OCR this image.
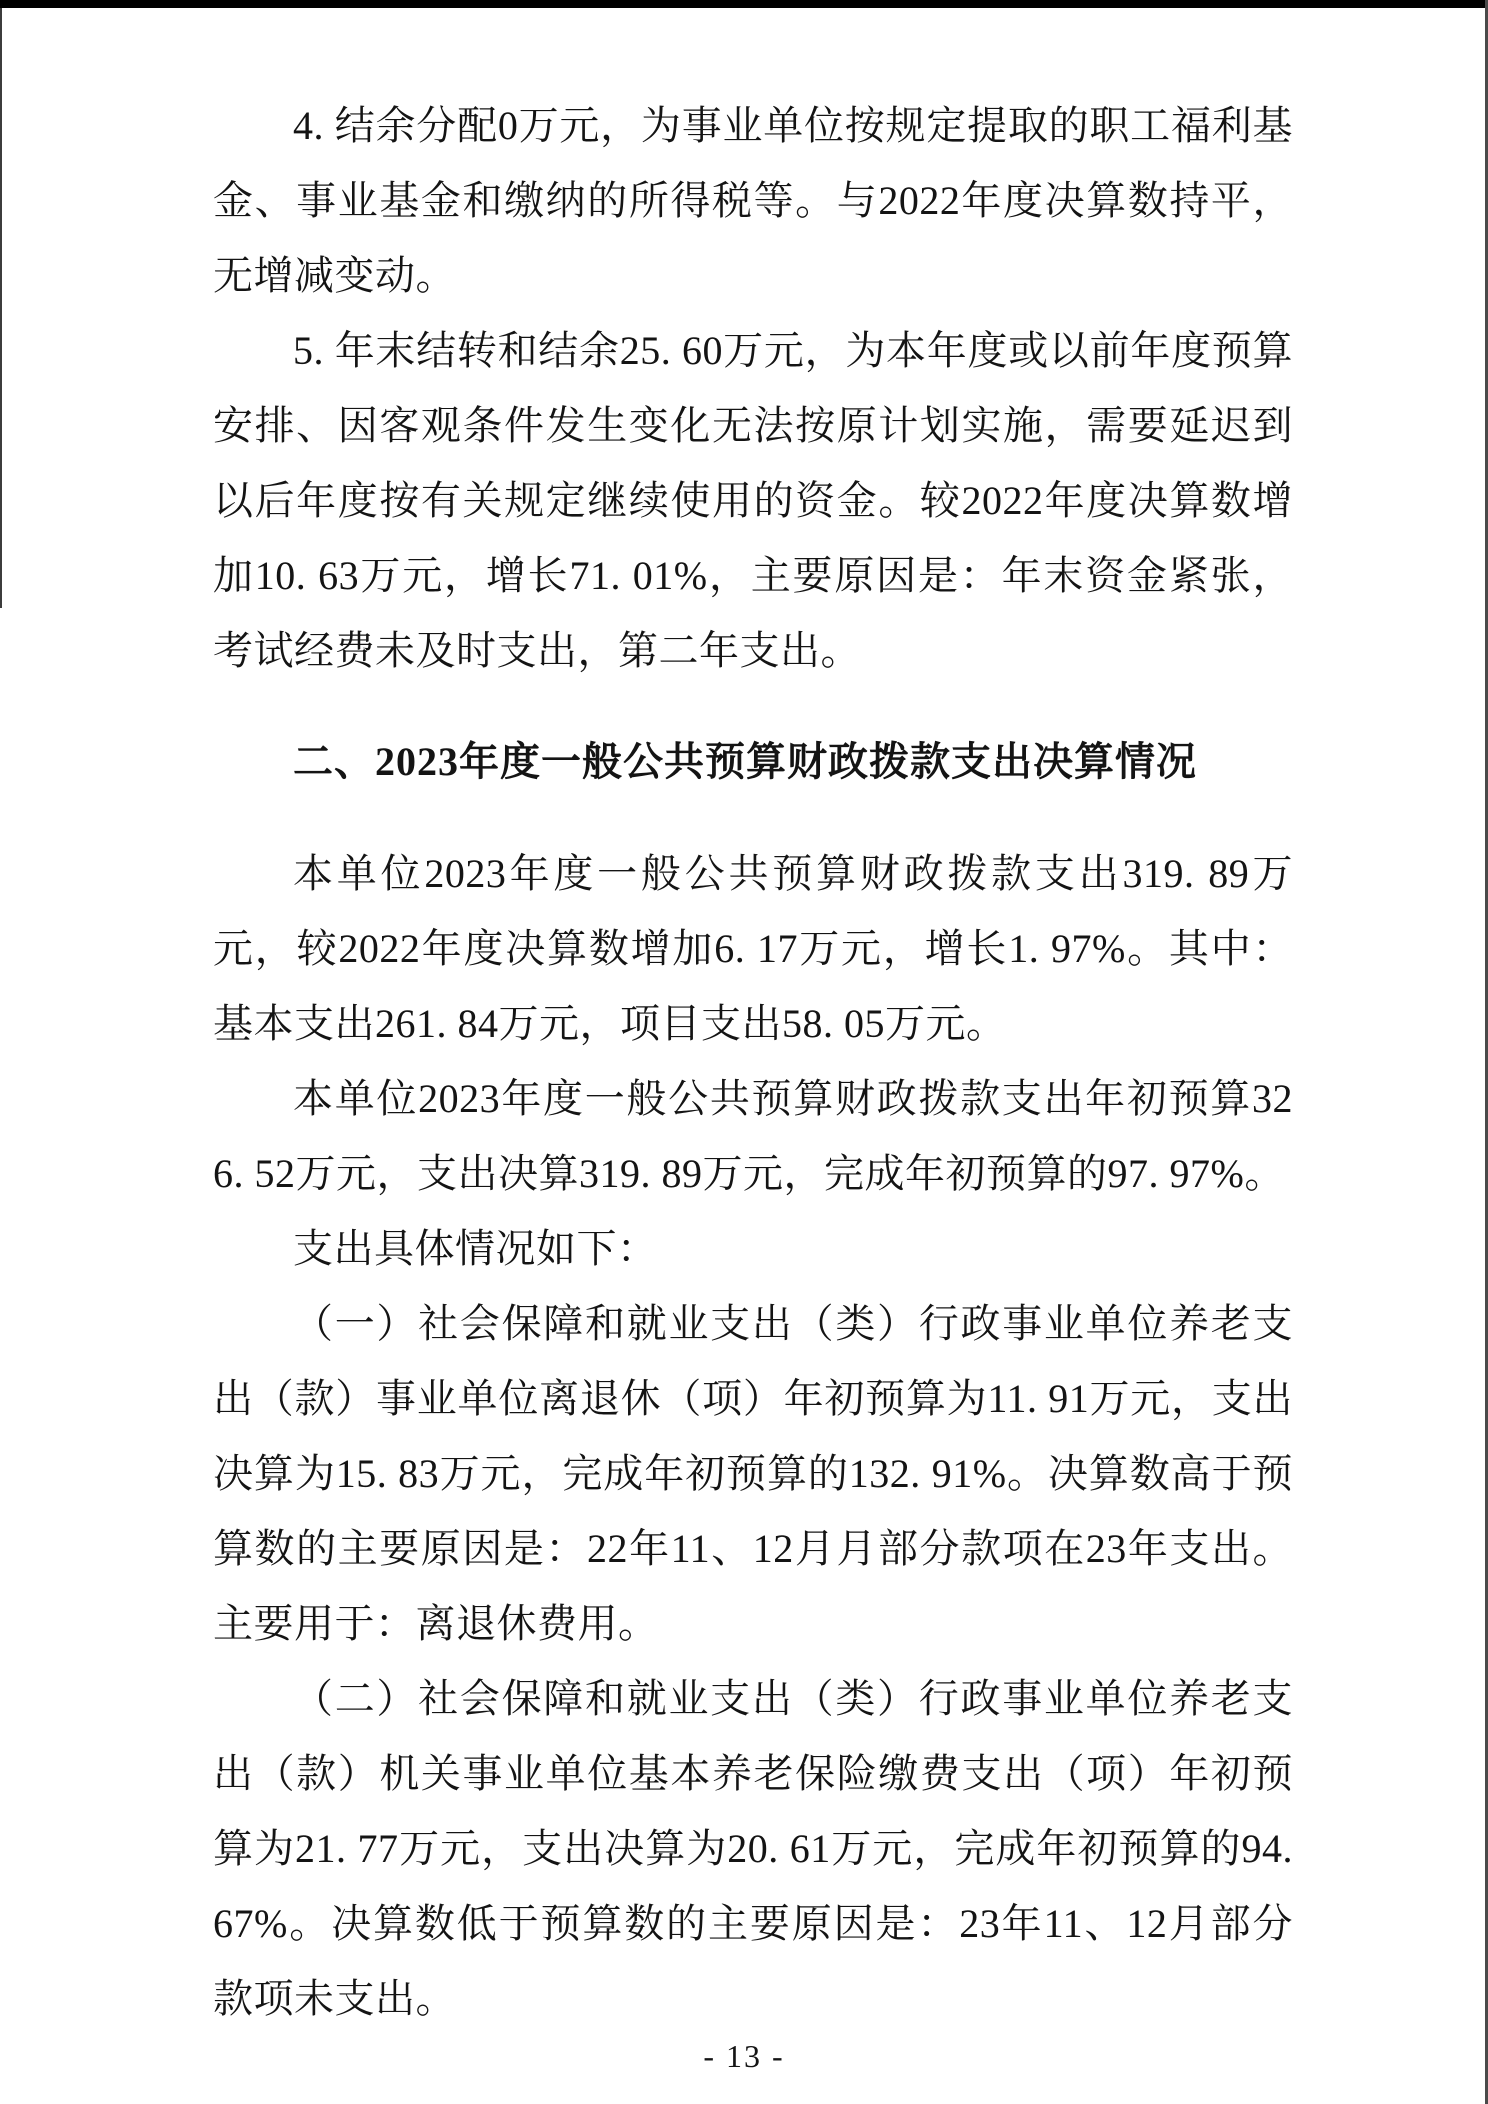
4. 结余分配0万元，为事业单位按规定提取的职工福利基金、事业基金和缴纳的所得税等。与2022年度决算数持平，无增减变动。

5. 年末结转和结余25. 60万元，为本年度或以前年度预算安排、因客观条件发生变化无法按原计划实施，需要延迟到以后年度按有关规定继续使用的资金。较2022年度决算数增加10. 63万元，增长71. 01%，主要原因是：年末资金紧张，考试经费未及时支出，第二年支出。

二、2023年度一般公共预算财政拨款支出决算情况

本单位2023年度一般公共预算财政拨款支出319. 89万元，较2022年度决算数增加6. 17万元，增长1. 97%。其中：基本支出261. 84万元，项目支出58. 05万元。

本单位2023年度一般公共预算财政拨款支出年初预算326. 52万元，支出决算319. 89万元，完成年初预算的97. 97%。

支出具体情况如下：

（一）社会保障和就业支出（类）行政事业单位养老支出（款）事业单位离退休（项）年初预算为11. 91万元，支出决算为15. 83万元，完成年初预算的132. 91%。决算数高于预算数的主要原因是：22年11、12月月部分款项在23年支出。主要用于：离退休费用。

（二）社会保障和就业支出（类）行政事业单位养老支出（款）机关事业单位基本养老保险缴费支出（项）年初预算为21. 77万元，支出决算为20. 61万元，完成年初预算的94. 67%。决算数低于预算数的主要原因是：23年11、12月部分款项未支出。

- 13 -
